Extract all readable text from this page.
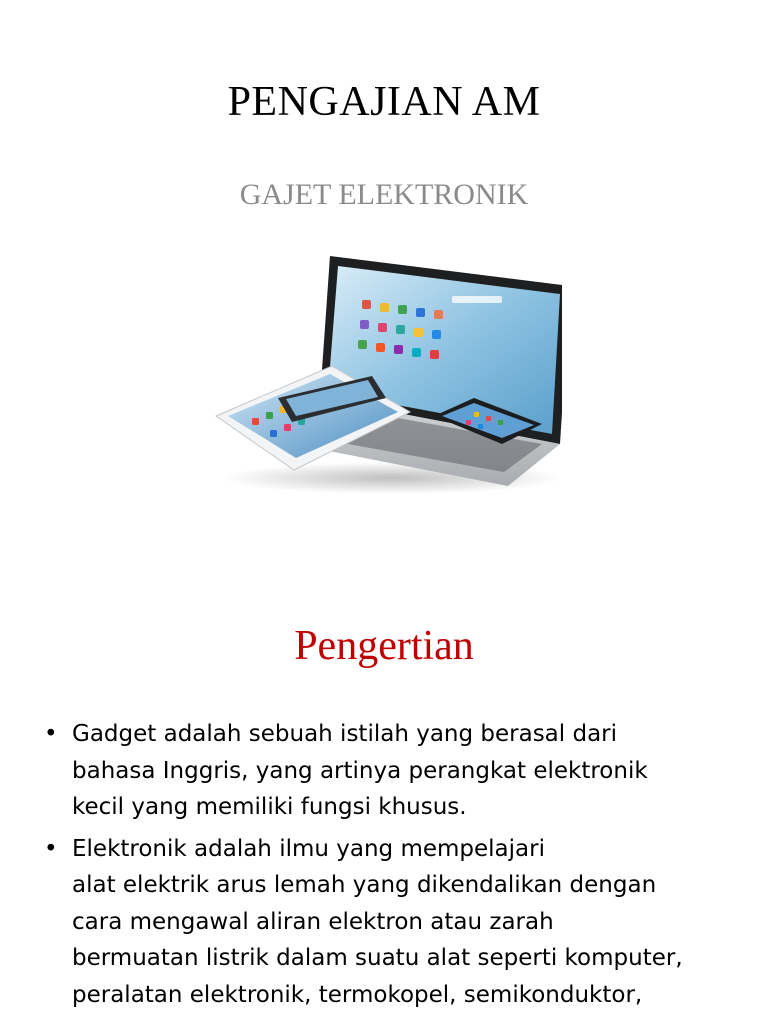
PENGAJIAN AM
GAJET ELEKTRONIK
Pengertian
• Gadget adalah sebuah istilah yang berasal dari
bahasa Inggris, yang artinya perangkat elektronik
kecil yang memiliki fungsi khusus.
• Elektronik adalah ilmu yang mempelajari
alat elektrik arus lemah yang dikendalikan dengan
cara mengawal aliran elektron atau zarah
bermuatan listrik dalam suatu alat seperti komputer,
peralatan elektronik, termokopel, semikonduktor,
